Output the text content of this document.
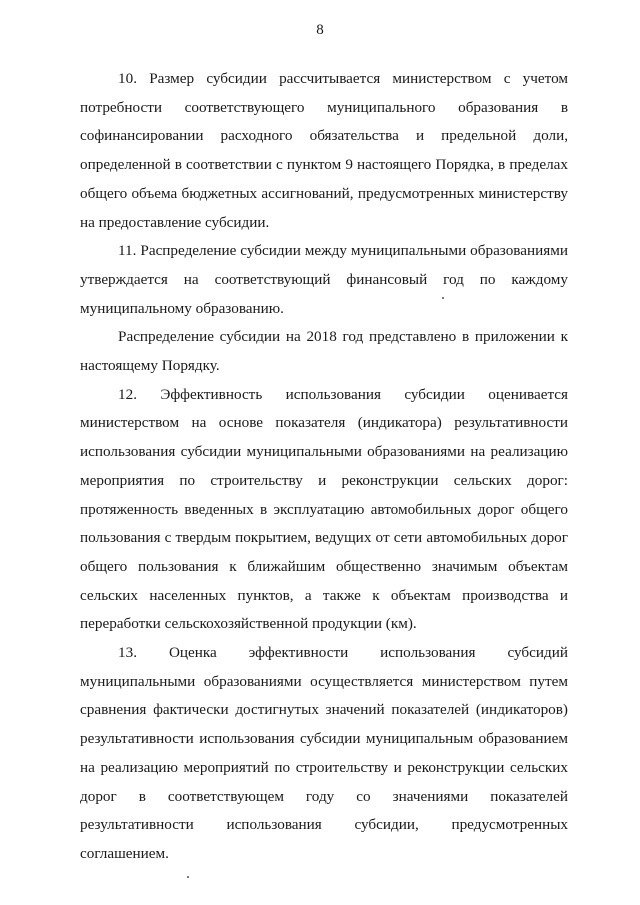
8

10. Размер субсидии рассчитывается министерством с учетом потребности соответствующего муниципального образования в софинансировании расходного обязательства и предельной доли, определенной в соответствии с пунктом 9 настоящего Порядка, в пределах общего объема бюджетных ассигнований, предусмотренных министерству на предоставление субсидии.

11. Распределение субсидии между муниципальными образованиями утверждается на соответствующий финансовый год по каждому муниципальному образованию.

Распределение субсидии на 2018 год представлено в приложении к настоящему Порядку.

12. Эффективность использования субсидии оценивается министерством на основе показателя (индикатора) результативности использования субсидии муниципальными образованиями на реализацию мероприятия по строительству и реконструкции сельских дорог: протяженность введенных в эксплуатацию автомобильных дорог общего пользования с твердым покрытием, ведущих от сети автомобильных дорог общего пользования к ближайшим общественно значимым объектам сельских населенных пунктов, а также к объектам производства и переработки сельскохозяйственной продукции (км).

13. Оценка эффективности использования субсидий муниципальными образованиями осуществляется министерством путем сравнения фактически достигнутых значений показателей (индикаторов) результативности использования субсидии муниципальным образованием на реализацию мероприятий по строительству и реконструкции сельских дорог в соответствующем году со значениями показателей результативности использования субсидии, предусмотренных соглашением.
